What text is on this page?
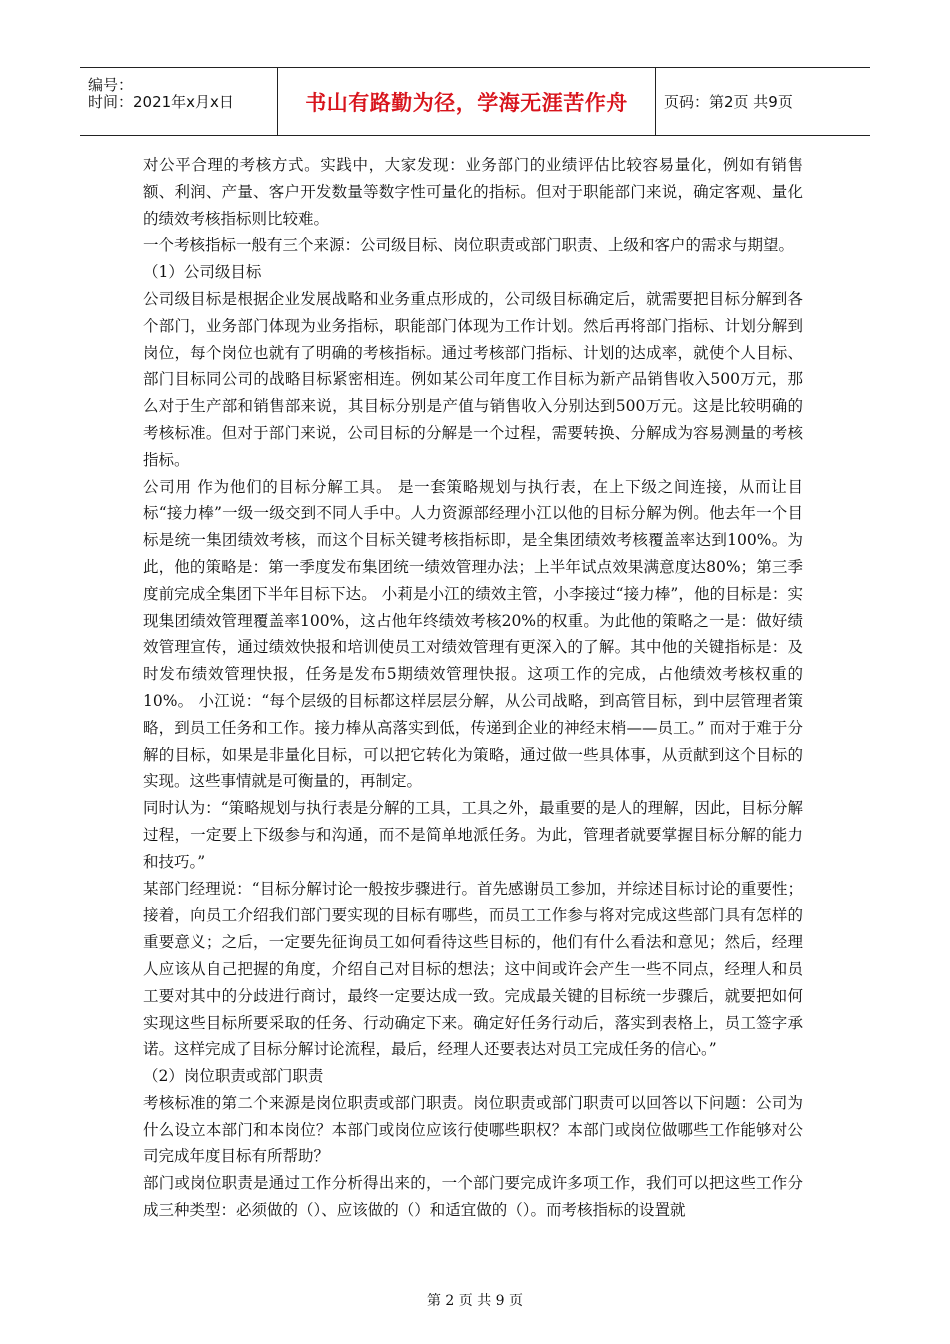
编号：
时间：2021年x月x日	书山有路勤为径，学海无涯苦作舟	页码：第2页 共9页

对公平合理的考核方式。实践中，大家发现：业务部门的业绩评估比较容易量化，例如有销售额、利润、产量、客户开发数量等数字性可量化的指标。但对于职能部门来说，确定客观、量化的绩效考核指标则比较难。

一个考核指标一般有三个来源：公司级目标、岗位职责或部门职责、上级和客户的需求与期望。

（1）公司级目标

公司级目标是根据企业发展战略和业务重点形成的，公司级目标确定后，就需要把目标分解到各个部门，业务部门体现为业务指标，职能部门体现为工作计划。然后再将部门指标、计划分解到岗位，每个岗位也就有了明确的考核指标。通过考核部门指标、计划的达成率，就使个人目标、部门目标同公司的战略目标紧密相连。例如某公司年度工作目标为新产品销售收入500万元，那么对于生产部和销售部来说，其目标分别是产值与销售收入分别达到500万元。这是比较明确的考核标准。但对于部门来说，公司目标的分解是一个过程，需要转换、分解成为容易测量的考核指标。

公司用 作为他们的目标分解工具。 是一套策略规划与执行表，在上下级之间连接，从而让目标“接力棒”一级一级交到不同人手中。人力资源部经理小江以他的目标分解为例。他去年一个目标是统一集团绩效考核，而这个目标关键考核指标即，是全集团绩效考核覆盖率达到100%。为此，他的策略是：第一季度发布集团统一绩效管理办法；上半年试点效果满意度达80%；第三季度前完成全集团下半年目标下达。 小莉是小江的绩效主管，小李接过“接力棒”，他的目标是：实现集团绩效管理覆盖率100%，这占他年终绩效考核20%的权重。为此他的策略之一是：做好绩效管理宣传，通过绩效快报和培训使员工对绩效管理有更深入的了解。其中他的关键指标是：及时发布绩效管理快报，任务是发布5期绩效管理快报。这项工作的完成，占他绩效考核权重的10%。 小江说：“每个层级的目标都这样层层分解，从公司战略，到高管目标，到中层管理者策略，到员工任务和工作。接力棒从高落实到低，传递到企业的神经末梢——员工。” 而对于难于分解的目标，如果是非量化目标，可以把它转化为策略，通过做一些具体事，从贡献到这个目标的实现。这些事情就是可衡量的，再制定。

同时认为：“策略规划与执行表是分解的工具，工具之外，最重要的是人的理解，因此，目标分解过程，一定要上下级参与和沟通，而不是简单地派任务。为此，管理者就要掌握目标分解的能力和技巧。”

某部门经理说：“目标分解讨论一般按步骤进行。首先感谢员工参加，并综述目标讨论的重要性；接着，向员工介绍我们部门要实现的目标有哪些，而员工工作参与将对完成这些部门具有怎样的重要意义；之后，一定要先征询员工如何看待这些目标的，他们有什么看法和意见；然后，经理人应该从自己把握的角度，介绍自己对目标的想法；这中间或许会产生一些不同点，经理人和员工要对其中的分歧进行商讨，最终一定要达成一致。完成最关键的目标统一步骤后，就要把如何实现这些目标所要采取的任务、行动确定下来。确定好任务行动后，落实到表格上，员工签字承诺。这样完成了目标分解讨论流程，最后，经理人还要表达对员工完成任务的信心。”

（2）岗位职责或部门职责

考核标准的第二个来源是岗位职责或部门职责。岗位职责或部门职责可以回答以下问题：公司为什么设立本部门和本岗位？本部门或岗位应该行使哪些职权？本部门或岗位做哪些工作能够对公司完成年度目标有所帮助？

部门或岗位职责是通过工作分析得出来的，一个部门要完成许多项工作，我们可以把这些工作分成三种类型：必须做的（）、应该做的（）和适宜做的（）。而考核指标的设置就

第 2 页 共 9 页
